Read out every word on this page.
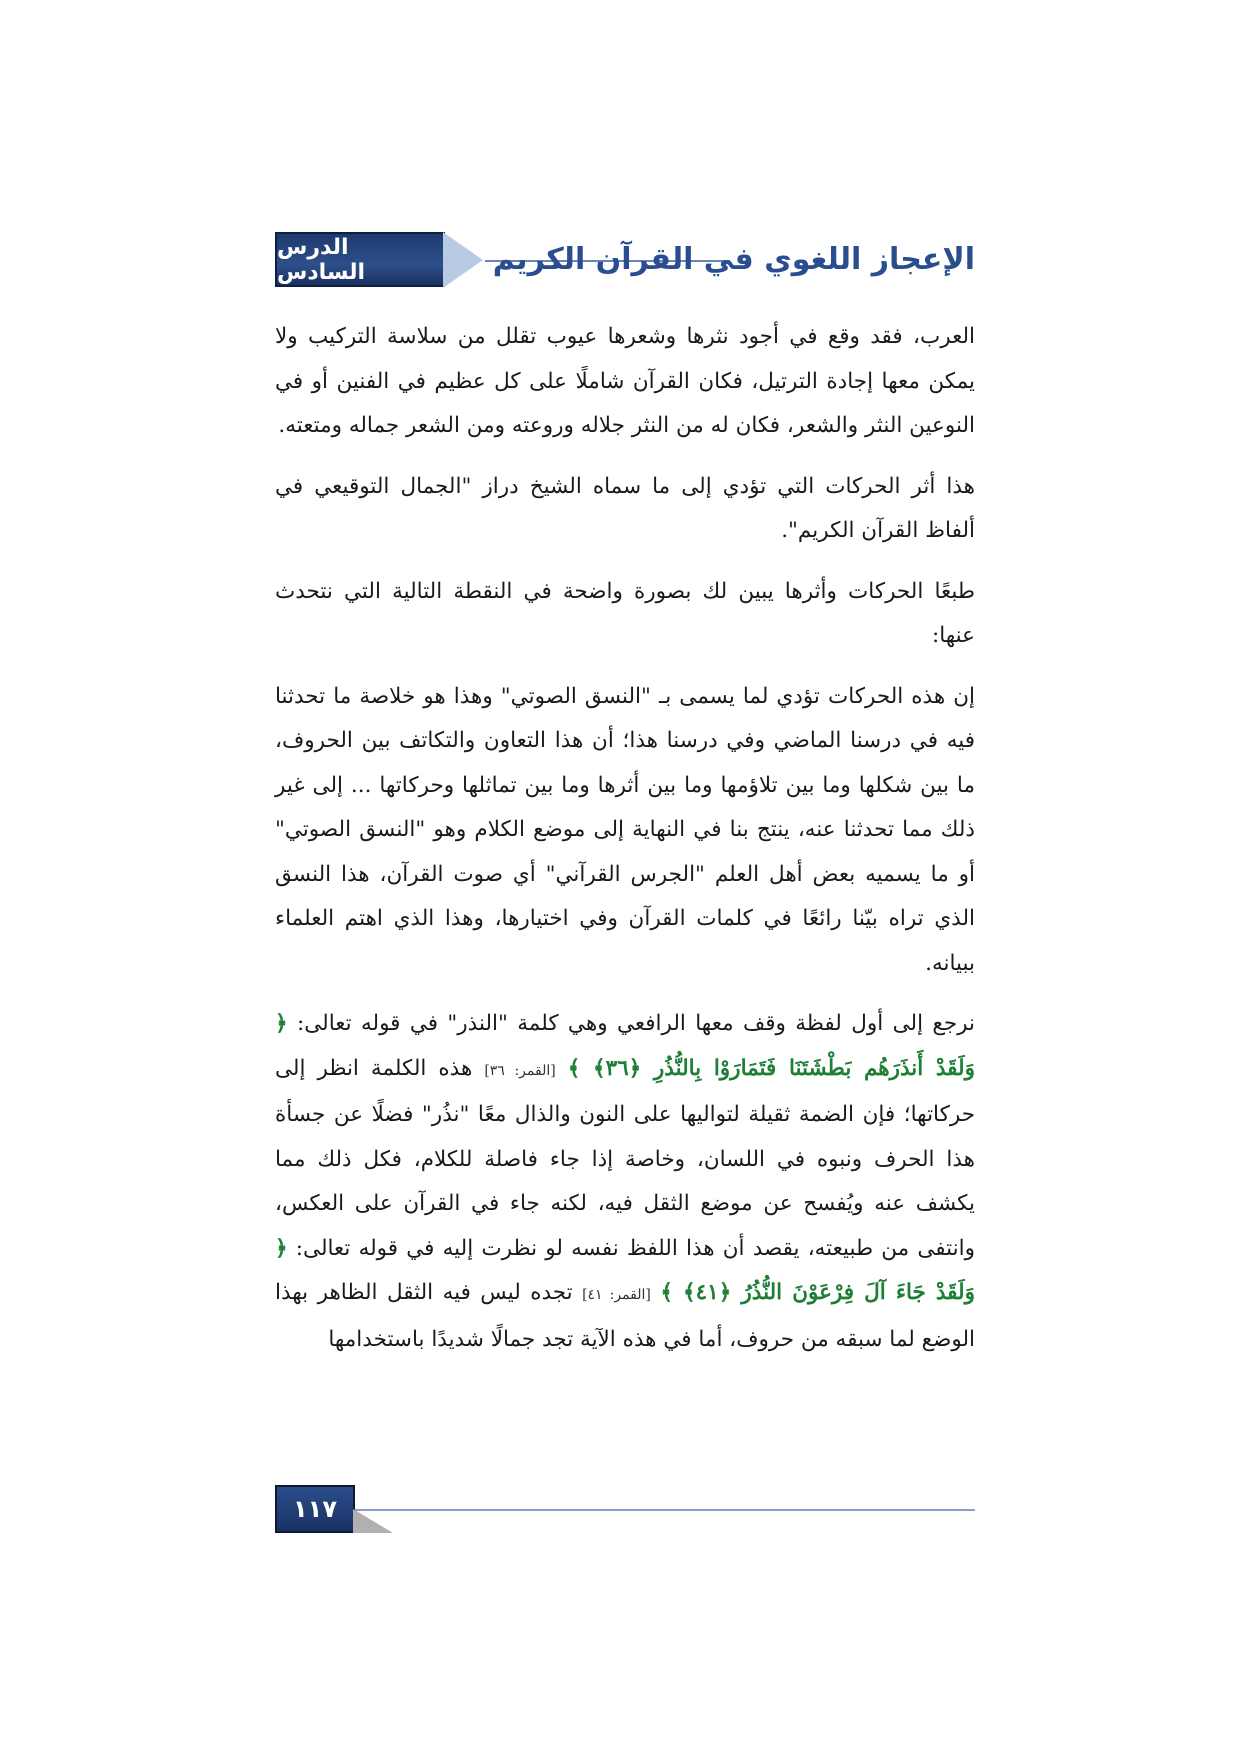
الدرس السادس	الإعجاز اللغوي في القرآن الكريم

العرب، فقد وقع في أجود نثرها وشعرها عيوب تقلل من سلاسة التركيب ولا يمكن معها إجادة الترتيل، فكان القرآن شاملًا على كل عظيم في الفنين أو في النوعين النثر والشعر، فكان له من النثر جلاله وروعته ومن الشعر جماله ومتعته.

هذا أثر الحركات التي تؤدي إلى ما سماه الشيخ دراز "الجمال التوقيعي في ألفاظ القرآن الكريم".

طبعًا الحركات وأثرها يبين لك بصورة واضحة في النقطة التالية التي نتحدث عنها:

إن هذه الحركات تؤدي لما يسمى بـ "النسق الصوتي" وهذا هو خلاصة ما تحدثنا فيه في درسنا الماضي وفي درسنا هذا؛ أن هذا التعاون والتكاتف بين الحروف، ما بين شكلها وما بين تلاؤمها وما بين أثرها وما بين تماثلها وحركاتها ... إلى غير ذلك مما تحدثنا عنه، ينتج بنا في النهاية إلى موضع الكلام وهو "النسق الصوتي" أو ما يسميه بعض أهل العلم "الجرس القرآني" أي صوت القرآن، هذا النسق الذي تراه بيّنا رائعًا في كلمات القرآن وفي اختيارها، وهذا الذي اهتم العلماء ببيانه.

نرجع إلى أول لفظة وقف معها الرافعي وهي كلمة "النذر" في قوله تعالى: ﴿ وَلَقَدْ أَنذَرَهُم بَطْشَتَنَا فَتَمَارَوْا بِالنُّذُرِ ﴿٣٦﴾ ﴾ [القمر: ٣٦] هذه الكلمة انظر إلى حركاتها؛ فإن الضمة ثقيلة لتواليها على النون والذال معًا "نذُر" فضلًا عن جسأة هذا الحرف ونبوه في اللسان، وخاصة إذا جاء فاصلة للكلام، فكل ذلك مما يكشف عنه ويُفسح عن موضع الثقل فيه، لكنه جاء في القرآن على العكس، وانتفى من طبيعته، يقصد أن هذا اللفظ نفسه لو نظرت إليه في قوله تعالى: ﴿ وَلَقَدْ جَاءَ آلَ فِرْعَوْنَ النُّذُرُ ﴿٤١﴾ ﴾ [القمر: ٤١] تجده ليس فيه الثقل الظاهر بهذا الوضع لما سبقه من حروف، أما في هذه الآية تجد جمالًا شديدًا باستخدامها

١١٧
